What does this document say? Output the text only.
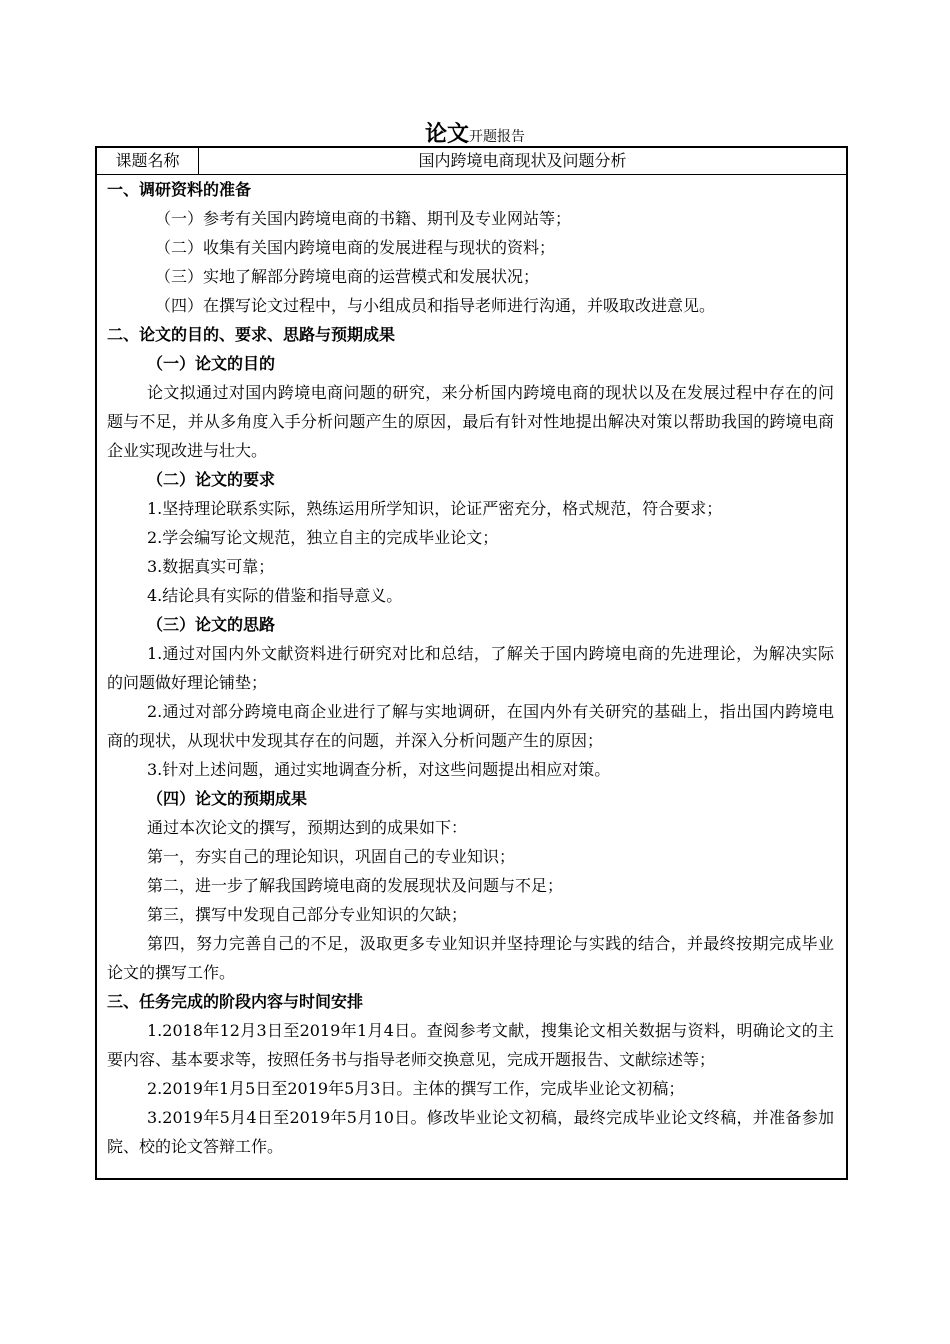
论文开题报告
课题名称	国内跨境电商现状及问题分析

一、调研资料的准备

（一）参考有关国内跨境电商的书籍、期刊及专业网站等；

（二）收集有关国内跨境电商的发展进程与现状的资料；

（三）实地了解部分跨境电商的运营模式和发展状况；

（四）在撰写论文过程中，与小组成员和指导老师进行沟通，并吸取改进意见。

二、论文的目的、要求、思路与预期成果

（一）论文的目的

论文拟通过对国内跨境电商问题的研究，来分析国内跨境电商的现状以及在发展过程中存在的问题与不足，并从多角度入手分析问题产生的原因，最后有针对性地提出解决对策以帮助我国的跨境电商企业实现改进与壮大。

（二）论文的要求

1.坚持理论联系实际，熟练运用所学知识，论证严密充分，格式规范，符合要求；

2.学会编写论文规范，独立自主的完成毕业论文；

3.数据真实可靠；

4.结论具有实际的借鉴和指导意义。

（三）论文的思路

1.通过对国内外文献资料进行研究对比和总结，了解关于国内跨境电商的先进理论，为解决实际的问题做好理论铺垫；

2.通过对部分跨境电商企业进行了解与实地调研，在国内外有关研究的基础上，指出国内跨境电商的现状，从现状中发现其存在的问题，并深入分析问题产生的原因；

3.针对上述问题，通过实地调查分析，对这些问题提出相应对策。

（四）论文的预期成果

通过本次论文的撰写，预期达到的成果如下：

第一，夯实自己的理论知识，巩固自己的专业知识；

第二，进一步了解我国跨境电商的发展现状及问题与不足；

第三，撰写中发现自己部分专业知识的欠缺；

第四，努力完善自己的不足，汲取更多专业知识并坚持理论与实践的结合，并最终按期完成毕业论文的撰写工作。

三、任务完成的阶段内容与时间安排

1.2018年12月3日至2019年1月4日。查阅参考文献，搜集论文相关数据与资料，明确论文的主要内容、基本要求等，按照任务书与指导老师交换意见，完成开题报告、文献综述等；

2.2019年1月5日至2019年5月3日。主体的撰写工作，完成毕业论文初稿；

3.2019年5月4日至2019年5月10日。修改毕业论文初稿，最终完成毕业论文终稿，并准备参加院、校的论文答辩工作。
